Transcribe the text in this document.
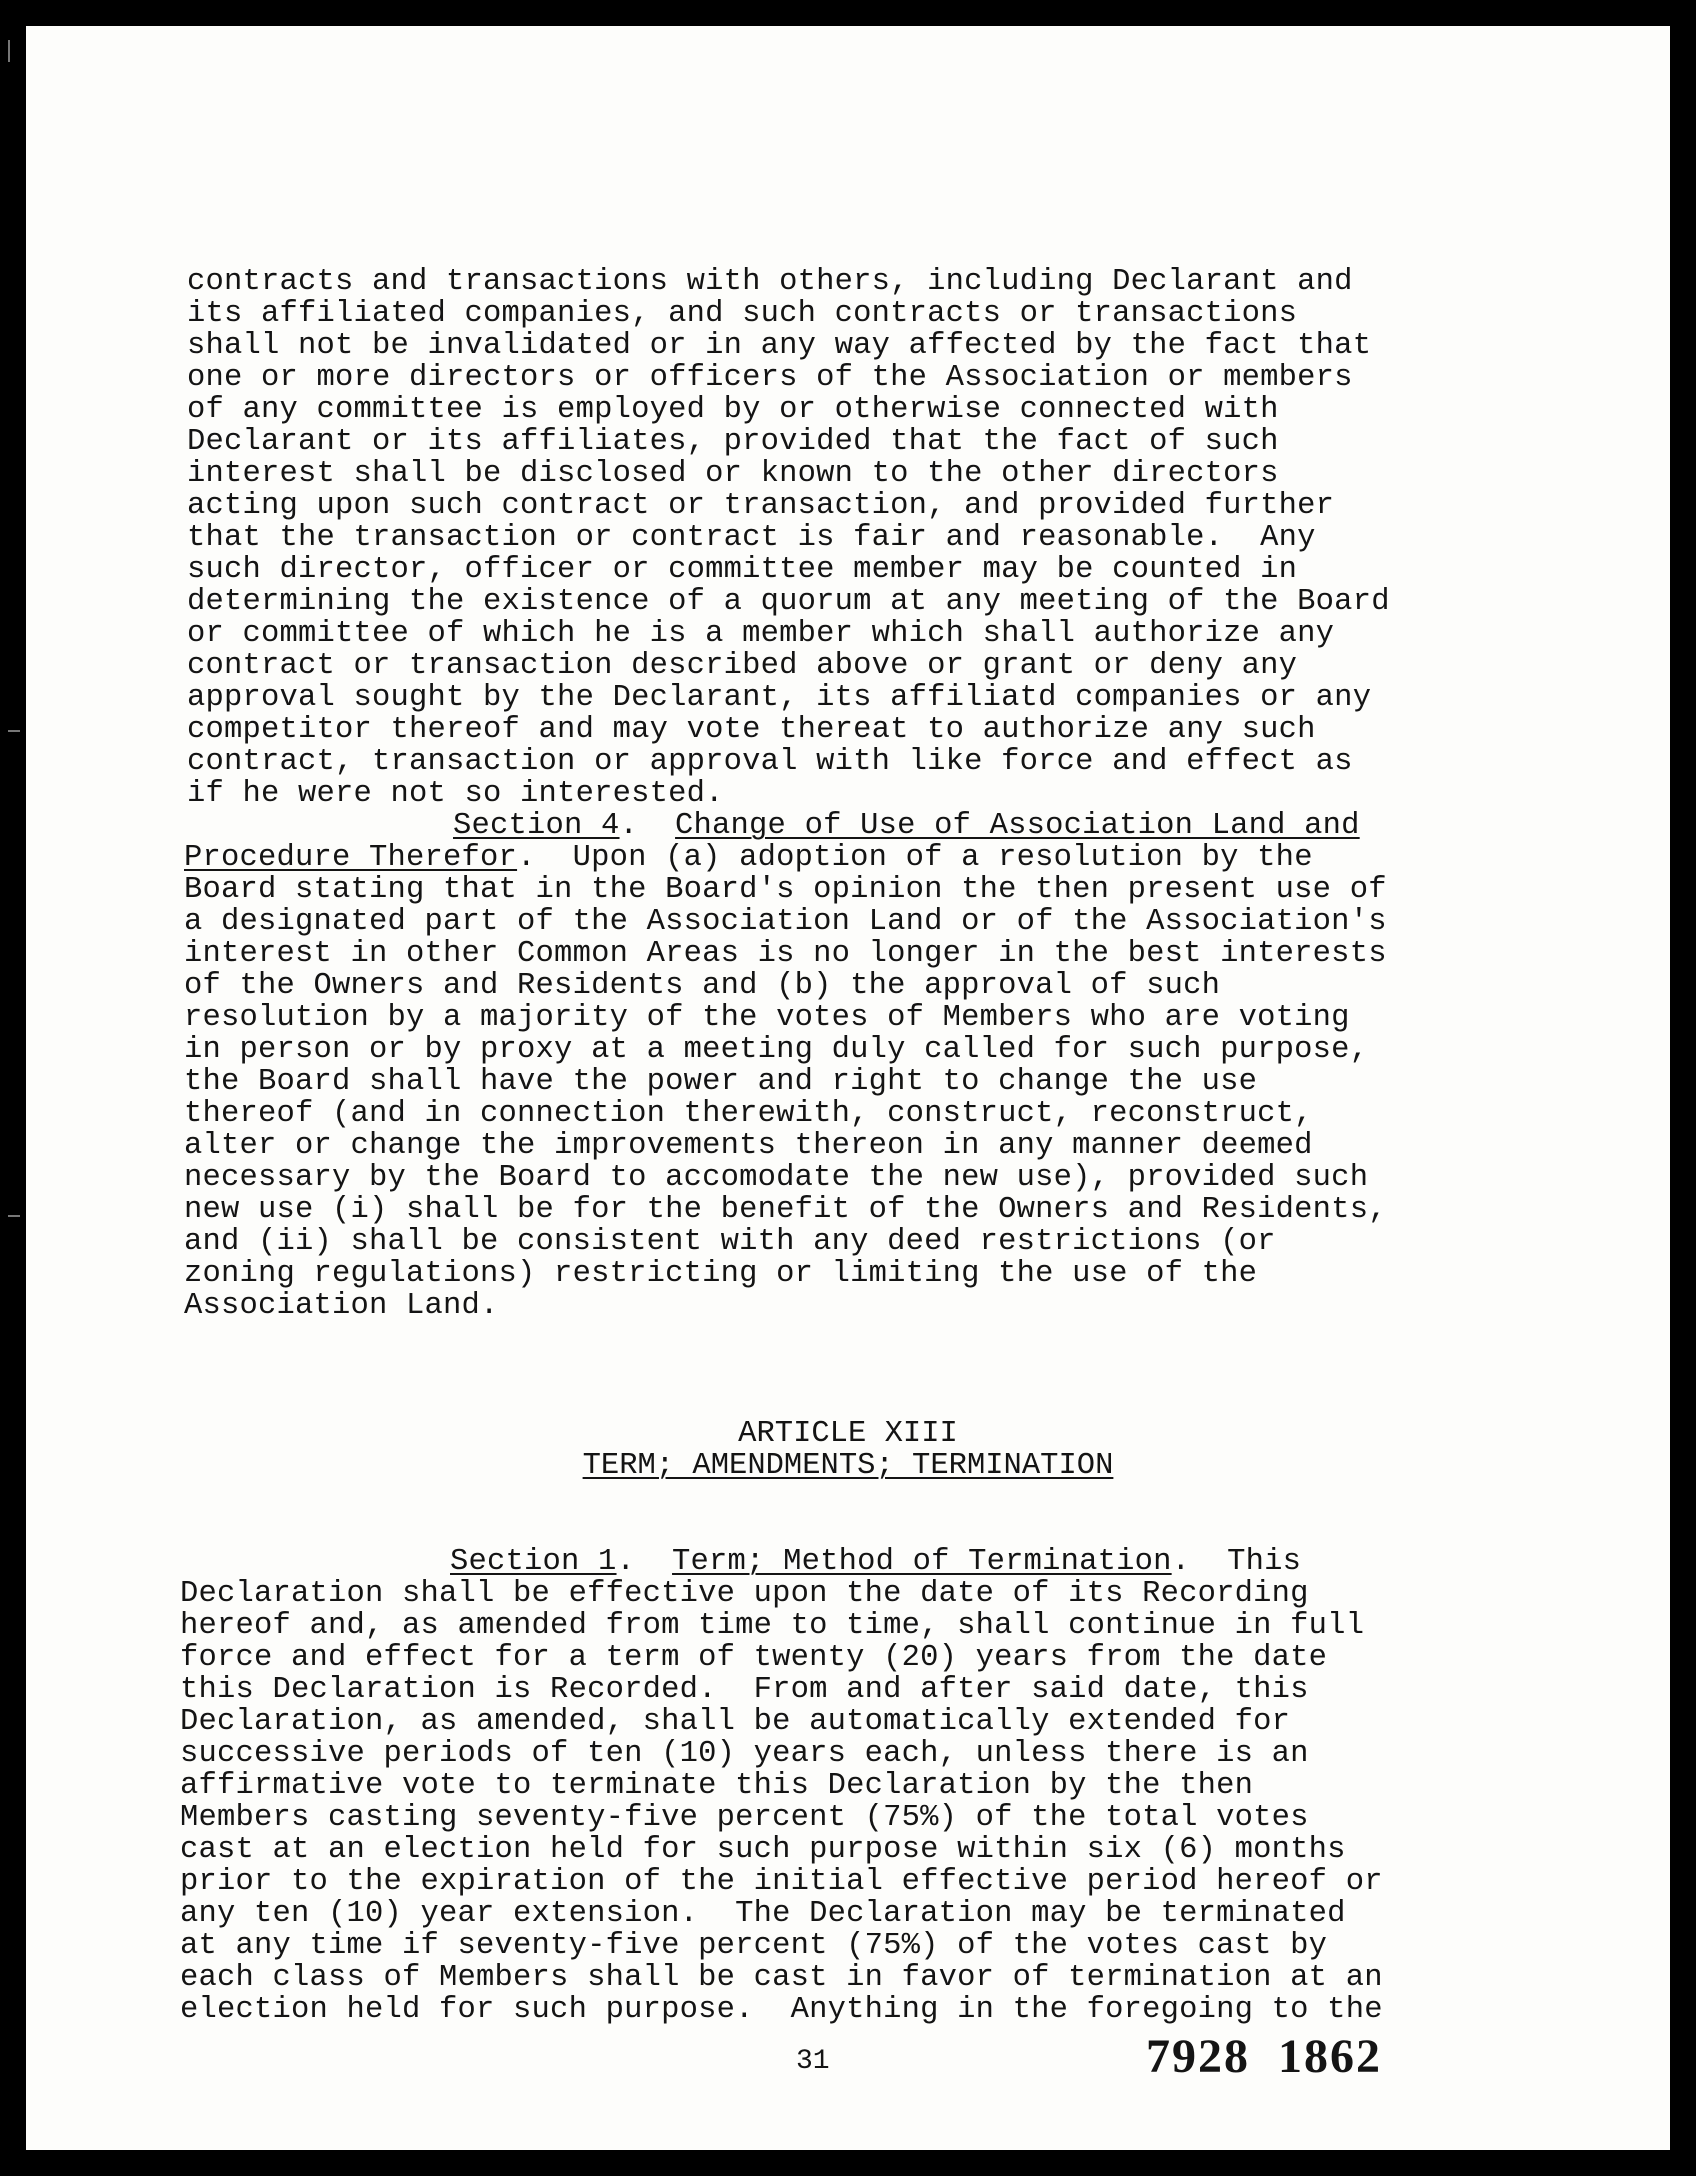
contracts and transactions with others, including Declarant and
its affiliated companies, and such contracts or transactions
shall not be invalidated or in any way affected by the fact that
one or more directors or officers of the Association or members
of any committee is employed by or otherwise connected with
Declarant or its affiliates, provided that the fact of such
interest shall be disclosed or known to the other directors
acting upon such contract or transaction, and provided further
that the transaction or contract is fair and reasonable.  Any
such director, officer or committee member may be counted in
determining the existence of a quorum at any meeting of the Board
or committee of which he is a member which shall authorize any
contract or transaction described above or grant or deny any
approval sought by the Declarant, its affiliatd companies or any
competitor thereof and may vote thereat to authorize any such
contract, transaction or approval with like force and effect as
if he were not so interested.
Section 4.  Change of Use of Association Land and
Procedure Therefor.  Upon (a) adoption of a resolution by the
Board stating that in the Board's opinion the then present use of
a designated part of the Association Land or of the Association's
interest in other Common Areas is no longer in the best interests
of the Owners and Residents and (b) the approval of such
resolution by a majority of the votes of Members who are voting
in person or by proxy at a meeting duly called for such purpose,
the Board shall have the power and right to change the use
thereof (and in connection therewith, construct, reconstruct,
alter or change the improvements thereon in any manner deemed
necessary by the Board to accomodate the new use), provided such
new use (i) shall be for the benefit of the Owners and Residents,
and (ii) shall be consistent with any deed restrictions (or
zoning regulations) restricting or limiting the use of the
Association Land.
ARTICLE XIII
TERM; AMENDMENTS; TERMINATION
Section 1.  Term; Method of Termination.  This
Declaration shall be effective upon the date of its Recording
hereof and, as amended from time to time, shall continue in full
force and effect for a term of twenty (20) years from the date
this Declaration is Recorded.  From and after said date, this
Declaration, as amended, shall be automatically extended for
successive periods of ten (10) years each, unless there is an
affirmative vote to terminate this Declaration by the then
Members casting seventy-five percent (75%) of the total votes
cast at an election held for such purpose within six (6) months
prior to the expiration of the initial effective period hereof or
any ten (10) year extension.  The Declaration may be terminated
at any time if seventy-five percent (75%) of the votes cast by
each class of Members shall be cast in favor of termination at an
election held for such purpose.  Anything in the foregoing to the
31	7928  1862
